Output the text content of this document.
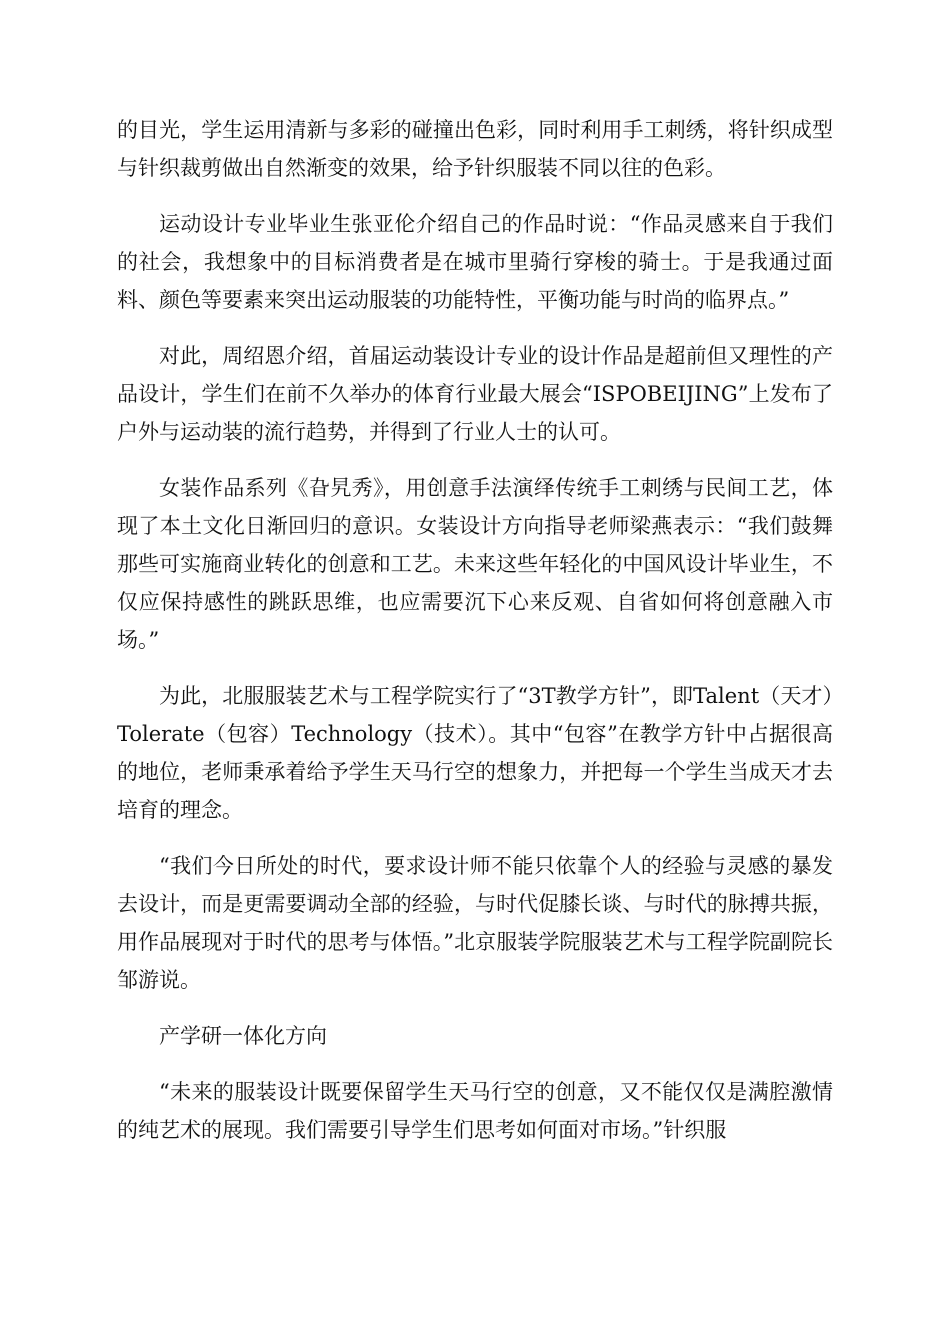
的目光，学生运用清新与多彩的碰撞出色彩，同时利用手工刺绣，将针织成型与针织裁剪做出自然渐变的效果，给予针织服装不同以往的色彩。

运动设计专业毕业生张亚伦介绍自己的作品时说：“作品灵感来自于我们的社会，我想象中的目标消费者是在城市里骑行穿梭的骑士。于是我通过面料、颜色等要素来突出运动服装的功能特性，平衡功能与时尚的临界点。”

对此，周绍恩介绍，首届运动装设计专业的设计作品是超前但又理性的产品设计，学生们在前不久举办的体育行业最大展会“ISPOBEIJING”上发布了户外与运动装的流行趋势，并得到了行业人士的认可。

女装作品系列《旮旯秀》，用创意手法演绎传统手工刺绣与民间工艺，体现了本土文化日渐回归的意识。女装设计方向指导老师梁燕表示：“我们鼓舞那些可实施商业转化的创意和工艺。未来这些年轻化的中国风设计毕业生，不仅应保持感性的跳跃思维，也应需要沉下心来反观、自省如何将创意融入市场。”

为此，北服服装艺术与工程学院实行了“3T教学方针”，即Talent（天才）Tolerate（包容）Technology（技术）。其中“包容”在教学方针中占据很高的地位，老师秉承着给予学生天马行空的想象力，并把每一个学生当成天才去培育的理念。

“我们今日所处的时代，要求设计师不能只依靠个人的经验与灵感的暴发去设计，而是更需要调动全部的经验，与时代促膝长谈、与时代的脉搏共振，用作品展现对于时代的思考与体悟。”北京服装学院服装艺术与工程学院副院长邹游说。

产学研一体化方向

“未来的服装设计既要保留学生天马行空的创意，又不能仅仅是满腔激情的纯艺术的展现。我们需要引导学生们思考如何面对市场。”针织服
